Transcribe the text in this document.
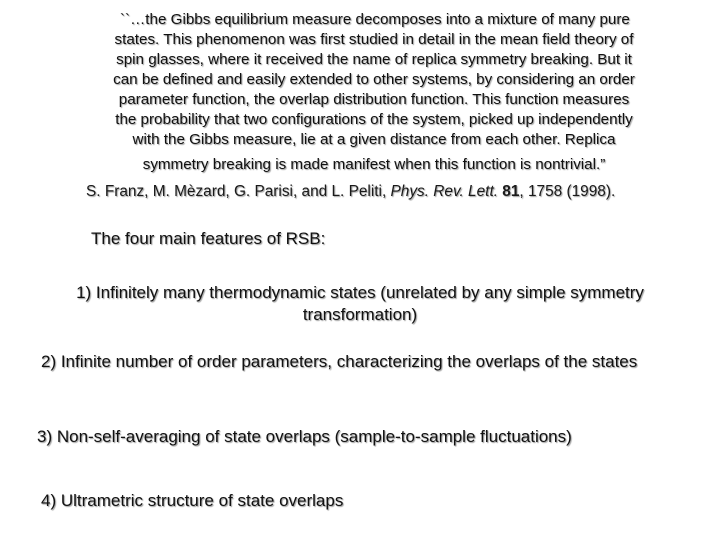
``…the Gibbs equilibrium measure decomposes into a mixture of many pure
states. This phenomenon was first studied in detail in the mean field theory of
spin glasses, where it received the name of replica symmetry breaking. But it
can be defined and easily extended to other systems, by considering an order
parameter function, the overlap distribution function. This function measures
the probability that two configurations of the system, picked up independently
with the Gibbs measure, lie at a given distance from each other. Replica
symmetry breaking is made manifest when this function is nontrivial.”

S. Franz, M. Mèzard, G. Parisi, and L. Peliti, Phys. Rev. Lett. 81, 1758 (1998).
The four main features of RSB:
1) Infinitely many thermodynamic states (unrelated by any simple symmetry
transformation)
2) Infinite number of order parameters, characterizing the overlaps of the states
3) Non-self-averaging of state overlaps (sample-to-sample fluctuations)
4) Ultrametric structure of state overlaps
